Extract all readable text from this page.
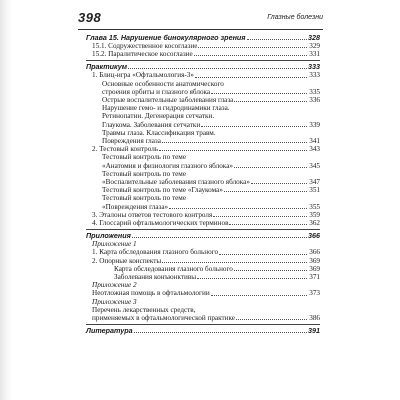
398	Глазные болезни
Глава 15. Нарушение бинокулярного зрения	328
15.1. Содружественное косоглазие	329
15.2. Паралитическое косоглазие	331
Практикум	333
1. Блиц-игра «Офтальмология-3»	333
Основные особенности анатомического
строения орбиты и глазного яблока	335
Острые воспалительные заболевания глаза	336
Нарушение гемо- и гидродинамики глаза.
Ретинопатии. Дегенерация сетчатки.
Глаукома. Заболевания сетчатки	339
Травмы глаза. Классификация травм.
Повреждения глаза	341
2. Тестовый контроль	343
Тестовый контроль по теме
«Анатомия и физиология глазного яблока»	345
Тестовый контроль по теме
«Воспалительные заболевания глазного яблока»	347
Тестовый контроль по теме «Глаукома»	351
Тестовый контроль по теме
«Повреждения глаза»	355
3. Эталоны ответов тестового контроля	359
4. Глоссарий офтальмологических терминов	362
Приложения	366
Приложение 1
1. Карта обследования глазного больного	366
2. Опорные конспекты	369
Карта обследования глазного больного	369
Заболевания конъюнктивы	371
Приложение 2
Неотложная помощь в офтальмологии	373
Приложение 3
Перечень лекарственных средств,
применяемых в офтальмологической практике	386
Литература	391
